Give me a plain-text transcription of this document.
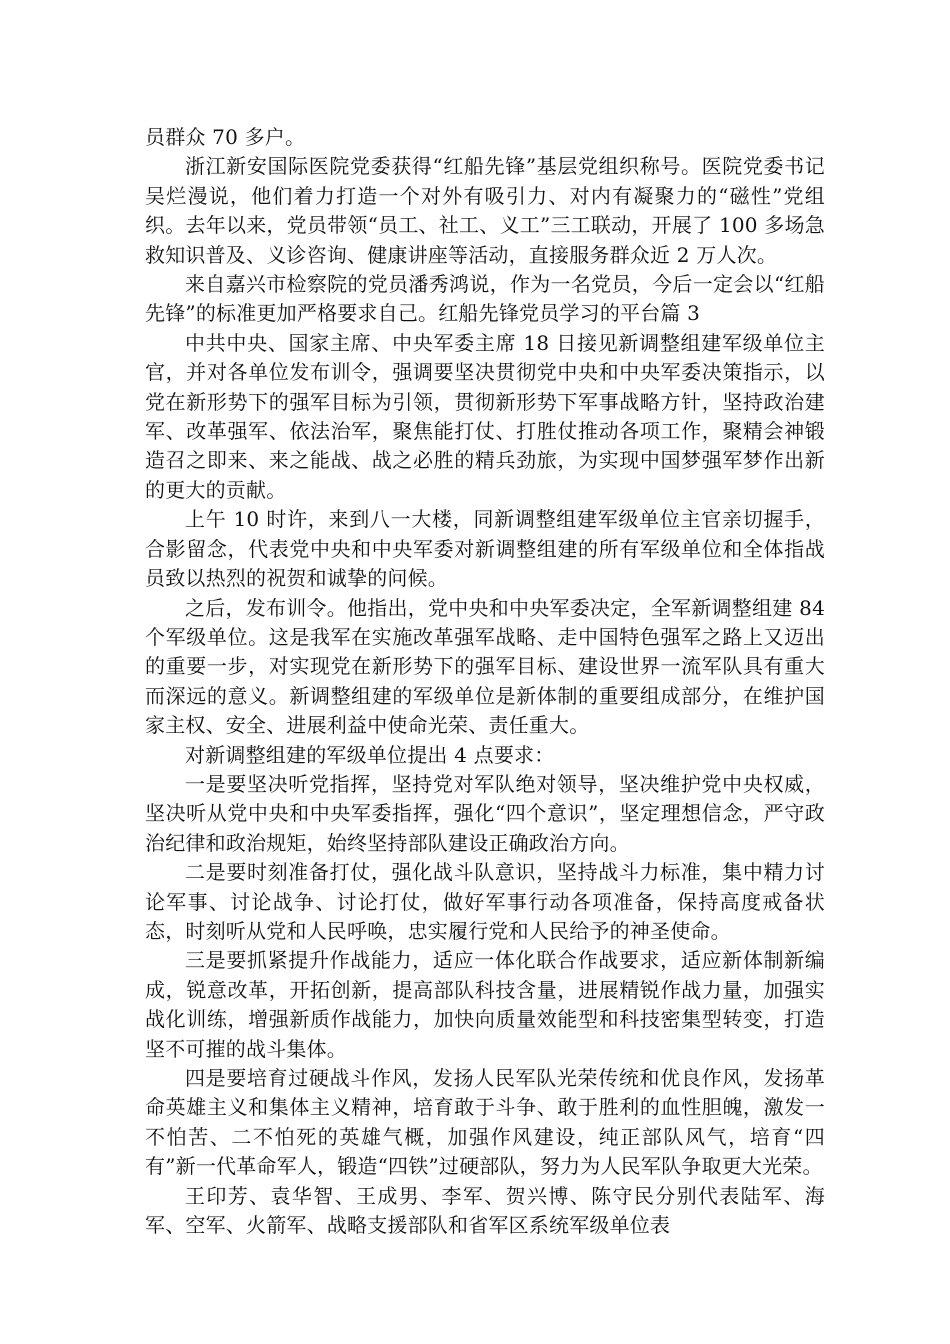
员群众 70 多户。

浙江新安国际医院党委获得“红船先锋”基层党组织称号。医院党委书记吴烂漫说，他们着力打造一个对外有吸引力、对内有凝聚力的“磁性”党组织。去年以来，党员带领“员工、社工、义工”三工联动，开展了 100 多场急救知识普及、义诊咨询、健康讲座等活动，直接服务群众近 2 万人次。

来自嘉兴市检察院的党员潘秀鸿说，作为一名党员，今后一定会以“红船先锋”的标准更加严格要求自己。红船先锋党员学习的平台篇 3

中共中央、国家主席、中央军委主席 18 日接见新调整组建军级单位主官，并对各单位发布训令，强调要坚决贯彻党中央和中央军委决策指示，以党在新形势下的强军目标为引领，贯彻新形势下军事战略方针，坚持政治建军、改革强军、依法治军，聚焦能打仗、打胜仗推动各项工作，聚精会神锻造召之即来、来之能战、战之必胜的精兵劲旅，为实现中国梦强军梦作出新的更大的贡献。

上午 10 时许，来到八一大楼，同新调整组建军级单位主官亲切握手，合影留念，代表党中央和中央军委对新调整组建的所有军级单位和全体指战员致以热烈的祝贺和诚挚的问候。

之后，发布训令。他指出，党中央和中央军委决定，全军新调整组建 84 个军级单位。这是我军在实施改革强军战略、走中国特色强军之路上又迈出的重要一步，对实现党在新形势下的强军目标、建设世界一流军队具有重大而深远的意义。新调整组建的军级单位是新体制的重要组成部分，在维护国家主权、安全、进展利益中使命光荣、责任重大。

对新调整组建的军级单位提出 4 点要求：

一是要坚决听党指挥，坚持党对军队绝对领导，坚决维护党中央权威，坚决听从党中央和中央军委指挥，强化“四个意识”，坚定理想信念，严守政治纪律和政治规矩，始终坚持部队建设正确政治方向。

二是要时刻准备打仗，强化战斗队意识，坚持战斗力标准，集中精力讨论军事、讨论战争、讨论打仗，做好军事行动各项准备，保持高度戒备状态，时刻听从党和人民呼唤，忠实履行党和人民给予的神圣使命。

三是要抓紧提升作战能力，适应一体化联合作战要求，适应新体制新编成，锐意改革，开拓创新，提高部队科技含量，进展精锐作战力量，加强实战化训练，增强新质作战能力，加快向质量效能型和科技密集型转变，打造坚不可摧的战斗集体。

四是要培育过硬战斗作风，发扬人民军队光荣传统和优良作风，发扬革命英雄主义和集体主义精神，培育敢于斗争、敢于胜利的血性胆魄，激发一不怕苦、二不怕死的英雄气概，加强作风建设，纯正部队风气，培育“四有”新一代革命军人，锻造“四铁”过硬部队，努力为人民军队争取更大光荣。

王印芳、袁华智、王成男、李军、贺兴博、陈守民分别代表陆军、海军、空军、火箭军、战略支援部队和省军区系统军级单位表
